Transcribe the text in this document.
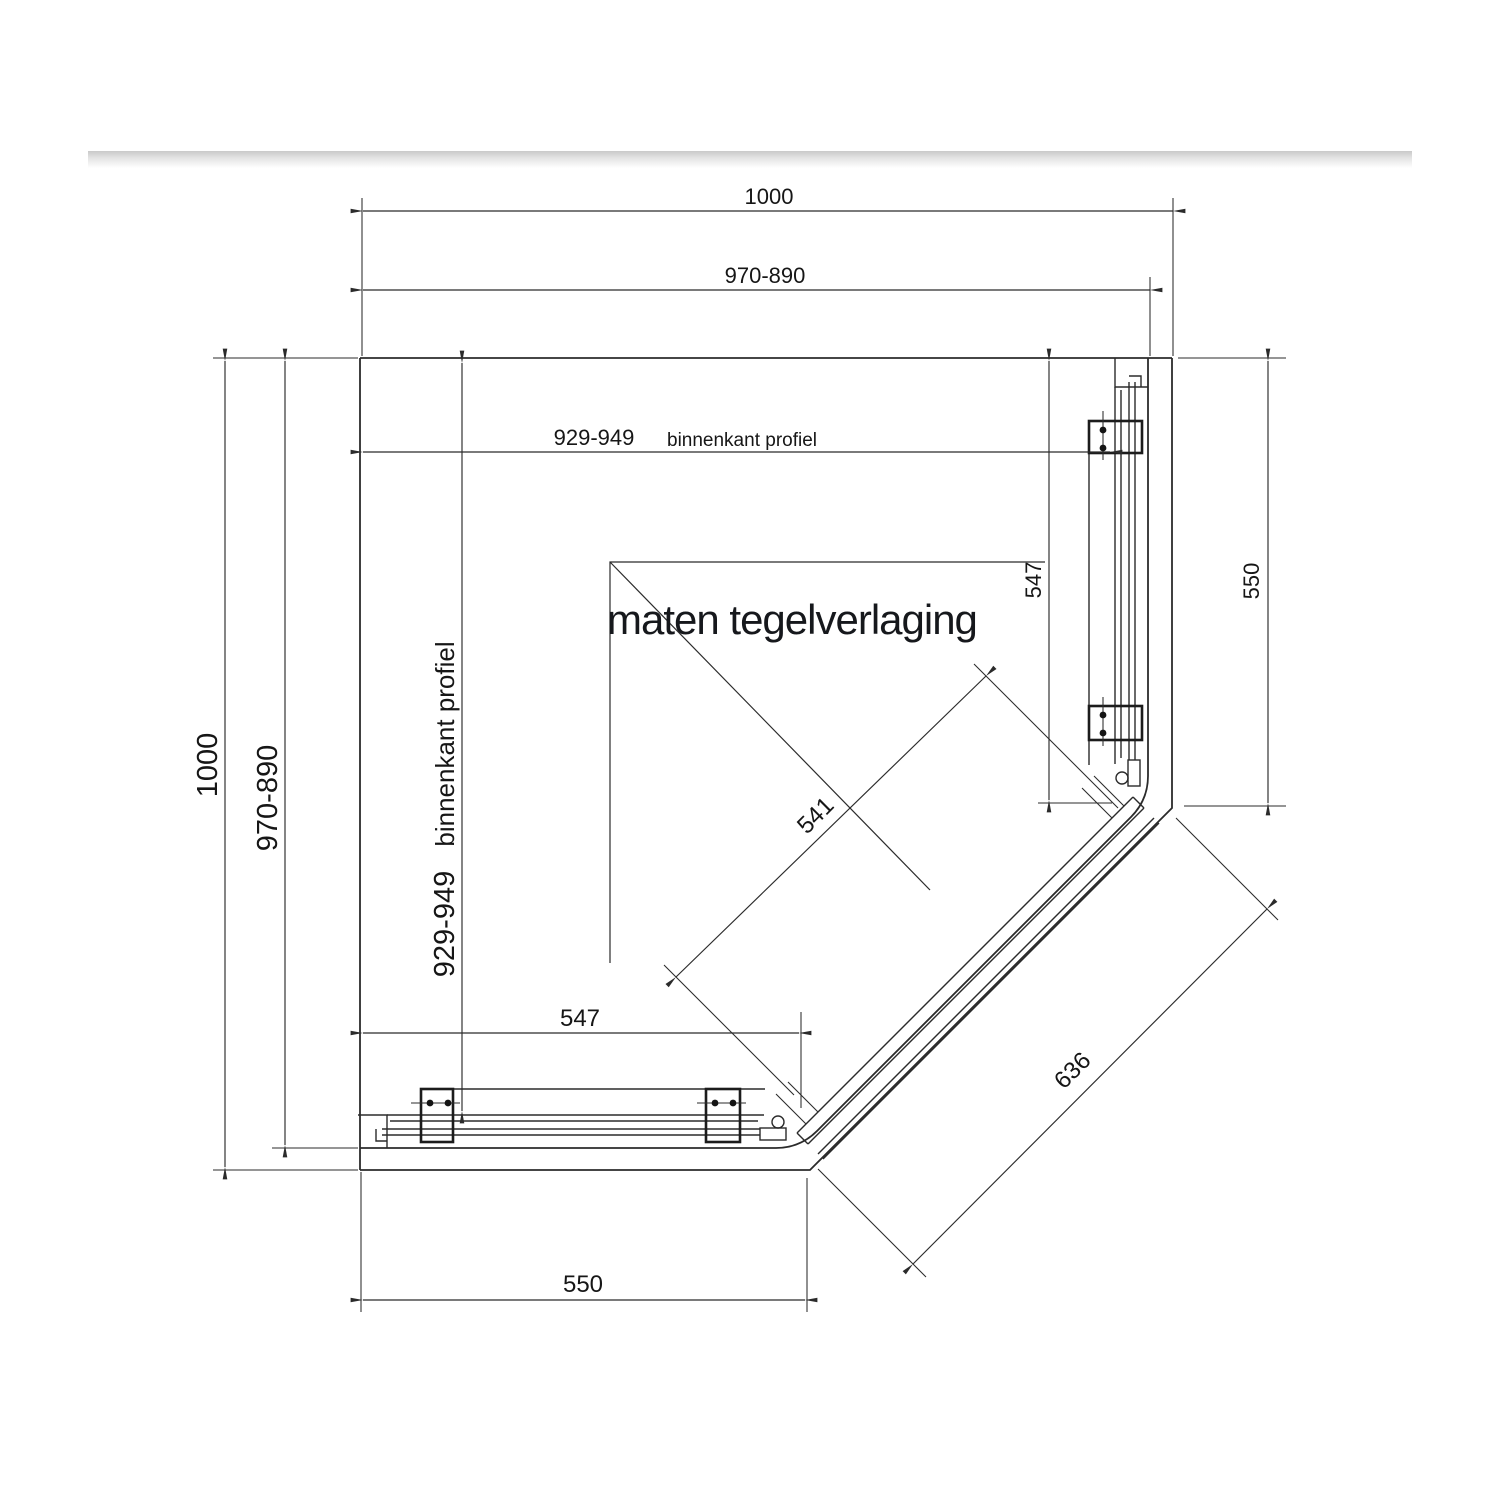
maten tegelverlaging
1000
970-890
929-949 binnenkant profiel
1000 970-890	binnenkant profiel
929-949
547	550
547
550
541
636
